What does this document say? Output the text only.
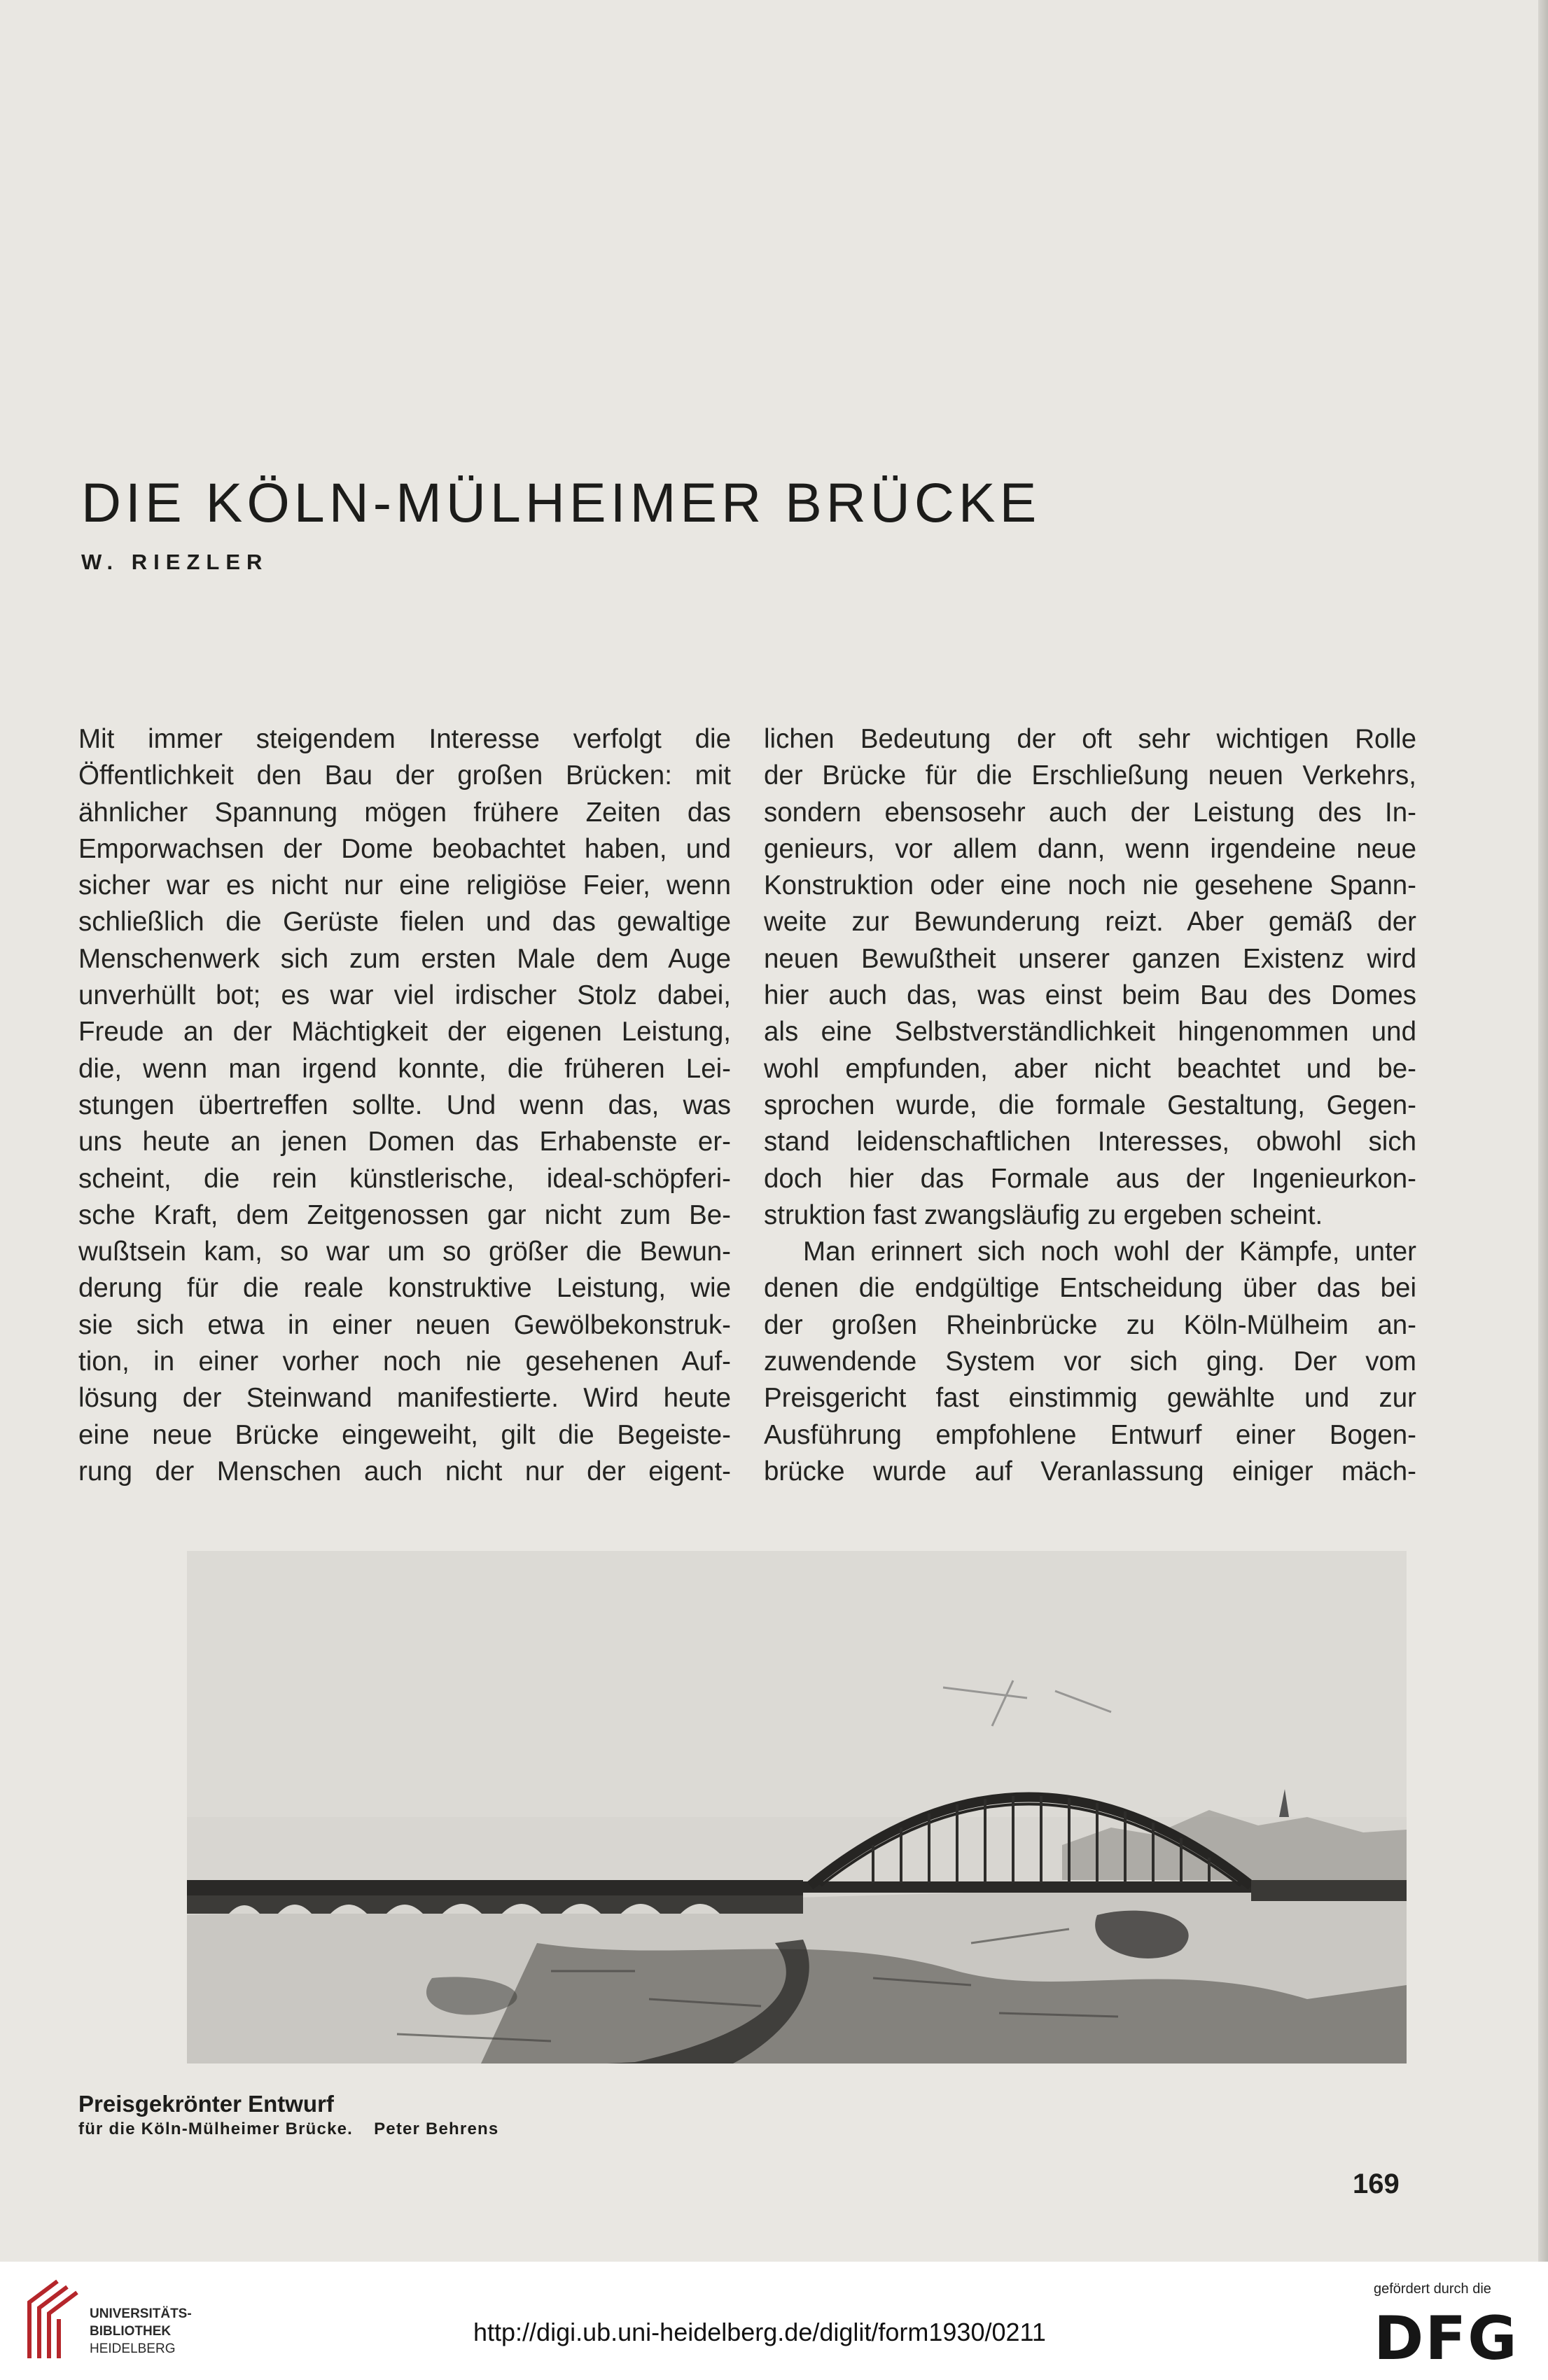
DIE KÖLN-MÜLHEIMER BRÜCKE

W. RIEZLER

Mit immer steigendem Interesse verfolgt die
Öffentlichkeit den Bau der großen Brücken: mit
ähnlicher Spannung mögen frühere Zeiten das
Emporwachsen der Dome beobachtet haben, und
sicher war es nicht nur eine religiöse Feier, wenn
schließlich die Gerüste fielen und das gewaltige
Menschenwerk sich zum ersten Male dem Auge
unverhüllt bot; es war viel irdischer Stolz dabei,
Freude an der Mächtigkeit der eigenen Leistung,
die, wenn man irgend konnte, die früheren Lei-
stungen übertreffen sollte. Und wenn das, was
uns heute an jenen Domen das Erhabenste er-
scheint, die rein künstlerische, ideal-schöpferi-
sche Kraft, dem Zeitgenossen gar nicht zum Be-
wußtsein kam, so war um so größer die Bewun-
derung für die reale konstruktive Leistung, wie
sie sich etwa in einer neuen Gewölbekonstruk-
tion, in einer vorher noch nie gesehenen Auf-
lösung der Steinwand manifestierte. Wird heute
eine neue Brücke eingeweiht, gilt die Begeiste-
rung der Menschen auch nicht nur der eigent-
lichen Bedeutung der oft sehr wichtigen Rolle
der Brücke für die Erschließung neuen Verkehrs,
sondern ebensosehr auch der Leistung des In-
genieurs, vor allem dann, wenn irgendeine neue
Konstruktion oder eine noch nie gesehene Spann-
weite zur Bewunderung reizt. Aber gemäß der
neuen Bewußtheit unserer ganzen Existenz wird
hier auch das, was einst beim Bau des Domes
als eine Selbstverständlichkeit hingenommen und
wohl empfunden, aber nicht beachtet und be-
sprochen wurde, die formale Gestaltung, Gegen-
stand leidenschaftlichen Interesses, obwohl sich
doch hier das Formale aus der Ingenieurkon-
struktion fast zwangsläufig zu ergeben scheint.
Man erinnert sich noch wohl der Kämpfe, unter
denen die endgültige Entscheidung über das bei
der großen Rheinbrücke zu Köln-Mülheim an-
zuwendende System vor sich ging. Der vom
Preisgericht fast einstimmig gewählte und zur
Ausführung empfohlene Entwurf einer Bogen-
brücke wurde auf Veranlassung einiger mäch-

Preisgekrönter Entwurf

für die Köln-Mülheimer Brücke. Peter Behrens

169
UNIVERSITÄTS-
BIBLIOTHEK
HEIDELBERG
http://digi.ub.uni-heidelberg.de/diglit/form1930/0211
gefördert durch die
DFG
